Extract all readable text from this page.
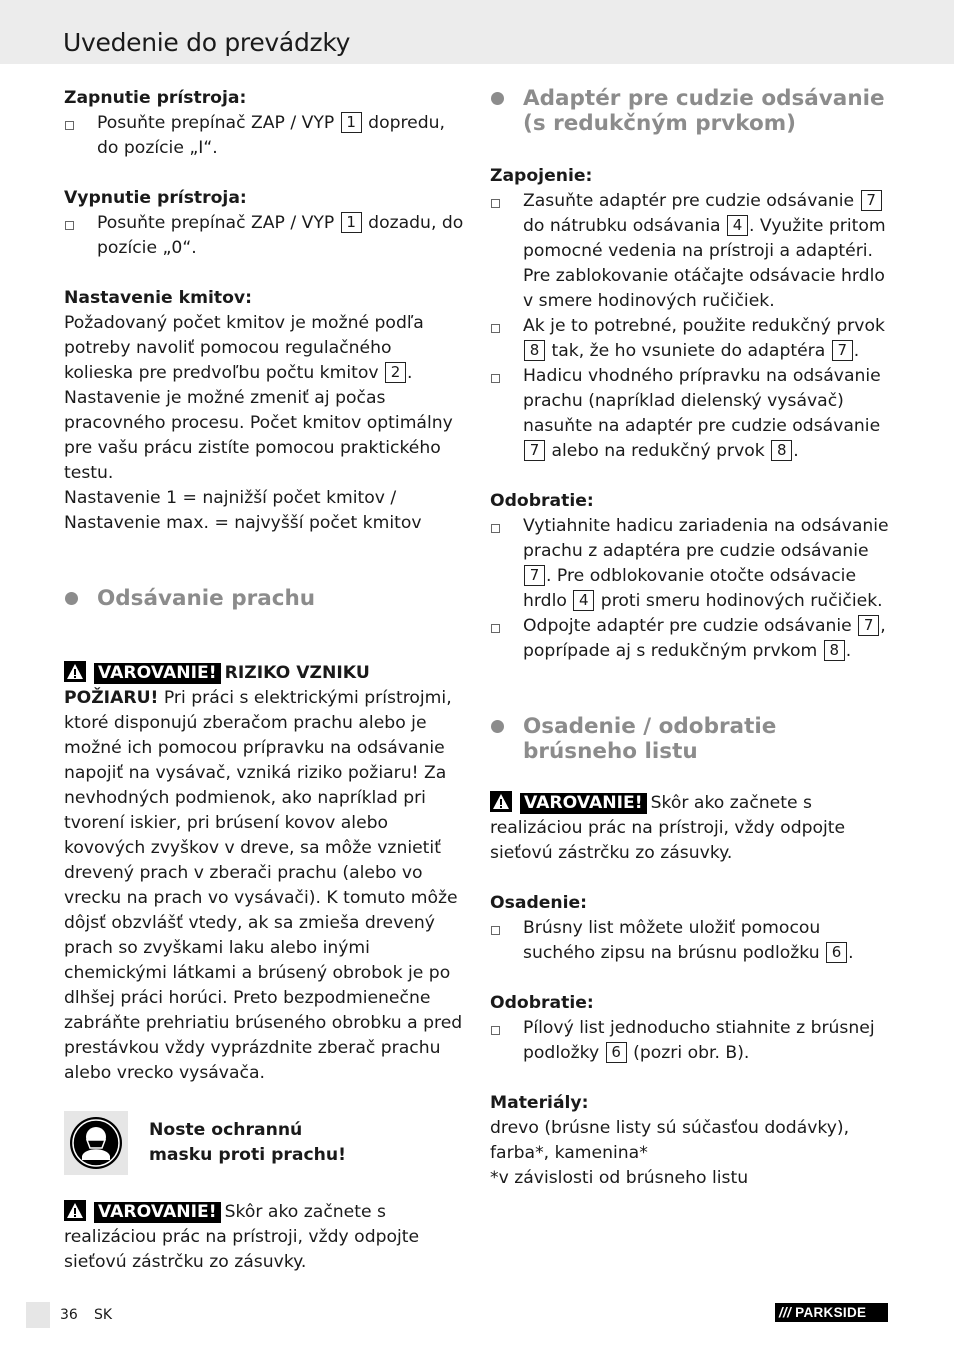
Uvedenie do prevádzky

Zapnutie prístroja:

Posuňte prepínač ZAP / VYP 1 dopredu, do pozície „I“.

Vypnutie prístroja:

Posuňte prepínač ZAP / VYP 1 dozadu, do pozície „0“.

Nastavenie kmitov:

Požadovaný počet kmitov je možné podľa potreby navoliť pomocou regulačného kolieska pre predvoľbu počtu kmitov 2 . Nastavenie je možné zmeniť aj počas pracovného procesu. Počet kmitov optimálny pre vašu prácu zistíte pomocou praktického testu.

Nastavenie 1 = najnižší počet kmitov /

Nastavenie max. = najvyšší počet kmitov

Odsávanie prachu

VAROVANIE! RIZIKO VZNIKU POŽIARU! Pri práci s elektrickými prístrojmi, ktoré disponujú zberačom prachu alebo je možné ich pomocou prípravku na odsávanie napojiť na vysávač, vzniká riziko požiaru! Za nevhodných podmienok, ako napríklad pri tvorení iskier, pri brúsení kovov alebo kovových zvyškov v dreve, sa môže vznietiť drevený prach v zberači prachu (alebo vo vrecku na prach vo vysávači). K tomuto môže dôjsť obzvlášť vtedy, ak sa zmieša drevený prach so zvyškami laku alebo inými chemickými látkami a brúsený obrobok je po dlhšej práci horúci. Preto bezpodmienečne zabráňte prehriatiu brúseného obrobku a pred prestávkou vždy vyprázdnite zberač prachu alebo vrecko vysávača.

Noste ochrannú
masku proti prachu!

VAROVANIE! Skôr ako začnete s realizáciou prác na prístroji, vždy odpojte sieťovú zástrčku zo zásuvky.

Adaptér pre cudzie odsávanie (s redukčným prvkom)

Zapojenie:

Zasuňte adaptér pre cudzie odsávanie 7 do nátrubku odsávania 4 . Využite pritom pomocné vedenia na prístroji a adaptéri. Pre zablokovanie otáčajte odsávacie hrdlo v smere hodinových ručičiek.

Ak je to potrebné, použite redukčný prvok 8 tak, že ho vsuniete do adaptéra 7 .

Hadicu vhodného prípravku na odsávanie prachu (napríklad dielenský vysávač) nasuňte na adaptér pre cudzie odsávanie 7 alebo na redukčný prvok 8 .

Odobratie:

Vytiahnite hadicu zariadenia na odsávanie prachu z adaptéra pre cudzie odsávanie 7 . Pre odblokovanie otočte odsávacie hrdlo 4 proti smeru hodinových ručičiek.

Odpojte adaptér pre cudzie odsávanie 7 , poprípade aj s redukčným prvkom 8 .

Osadenie / odobratie brúsneho listu

VAROVANIE! Skôr ako začnete s realizáciou prác na prístroji, vždy odpojte sieťovú zástrčku zo zásuvky.

Osadenie:

Brúsny list môžete uložiť pomocou suchého zipsu na brúsnu podložku 6 .

Odobratie:

Pílový list jednoducho stiahnite z brúsnej podložky 6 (pozri obr. B).

Materiály:

drevo (brúsne listy sú súčasťou dodávky), farba*, kamenina*

*v závislosti od brúsneho listu

36 SK	/// PARKSIDE
